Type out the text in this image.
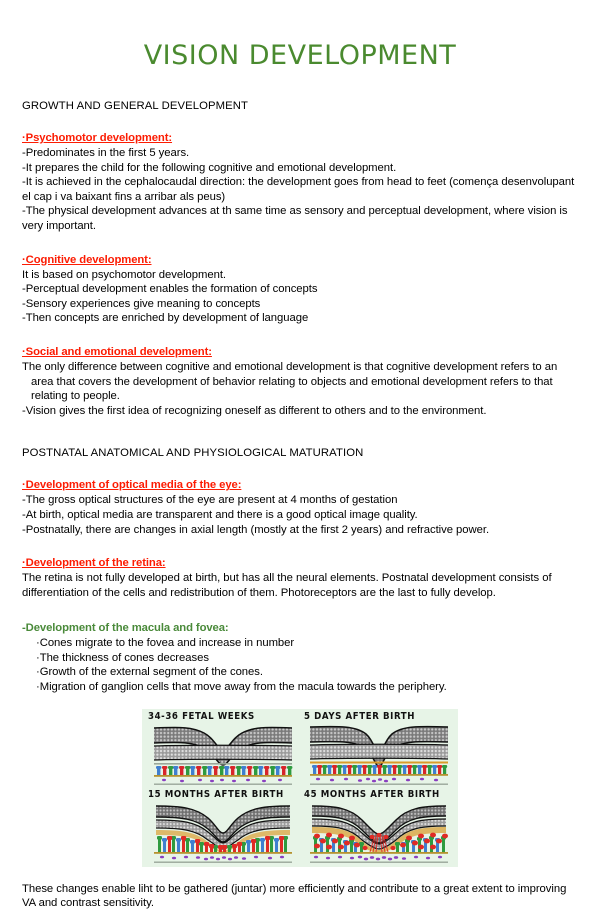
VISION DEVELOPMENT
GROWTH AND GENERAL DEVELOPMENT
·Psychomotor development:
-Predominates in the first 5 years.
-It prepares the child for the following cognitive and emotional development.
-It is achieved in the cephalocaudal direction: the development goes from head to feet (comença desenvolupant el cap i va baixant fins a arribar als peus)
-The physical development advances at th same time as sensory and perceptual development, where vision is very important.
·Cognitive development:
It is based on psychomotor development.
-Perceptual development enables the formation of concepts
-Sensory experiences give meaning to concepts
-Then concepts are enriched by development of language
·Social and emotional development:
The only difference between cognitive and emotional development is that cognitive development refers to an area that covers the development of behavior relating to objects and emotional development refers to that relating to people.
-Vision gives the first idea of recognizing oneself as different to others and to the environment.
POSTNATAL ANATOMICAL AND PHYSIOLOGICAL MATURATION
·Development of optical media of the eye:
-The gross optical structures of the eye are present at 4 months of gestation
-At birth, optical media are transparent and there is a good optical image quality.
-Postnatally, there are changes in axial length (mostly at the first 2 years) and refractive power.
·Development of the retina:
The retina is not fully developed at birth, but has all the neural elements. Postnatal development consists of differentiation of the cells and redistribution of them. Photoreceptors are the last to fully develop.
-Development of the macula and fovea:
·Cones migrate to the fovea and increase in number
·The thickness of cones decreases
·Growth of the external segment of the cones.
·Migration of ganglion cells that move away from the macula towards the periphery.
34-36 FETAL WEEKS	5 DAYS AFTER BIRTH
15 MONTHS AFTER BIRTH 45 MONTHS AFTER BIRTH
These changes enable liht to be gathered (juntar) more efficiently and contribute to a great extent to improving VA and contrast sensitivity.
